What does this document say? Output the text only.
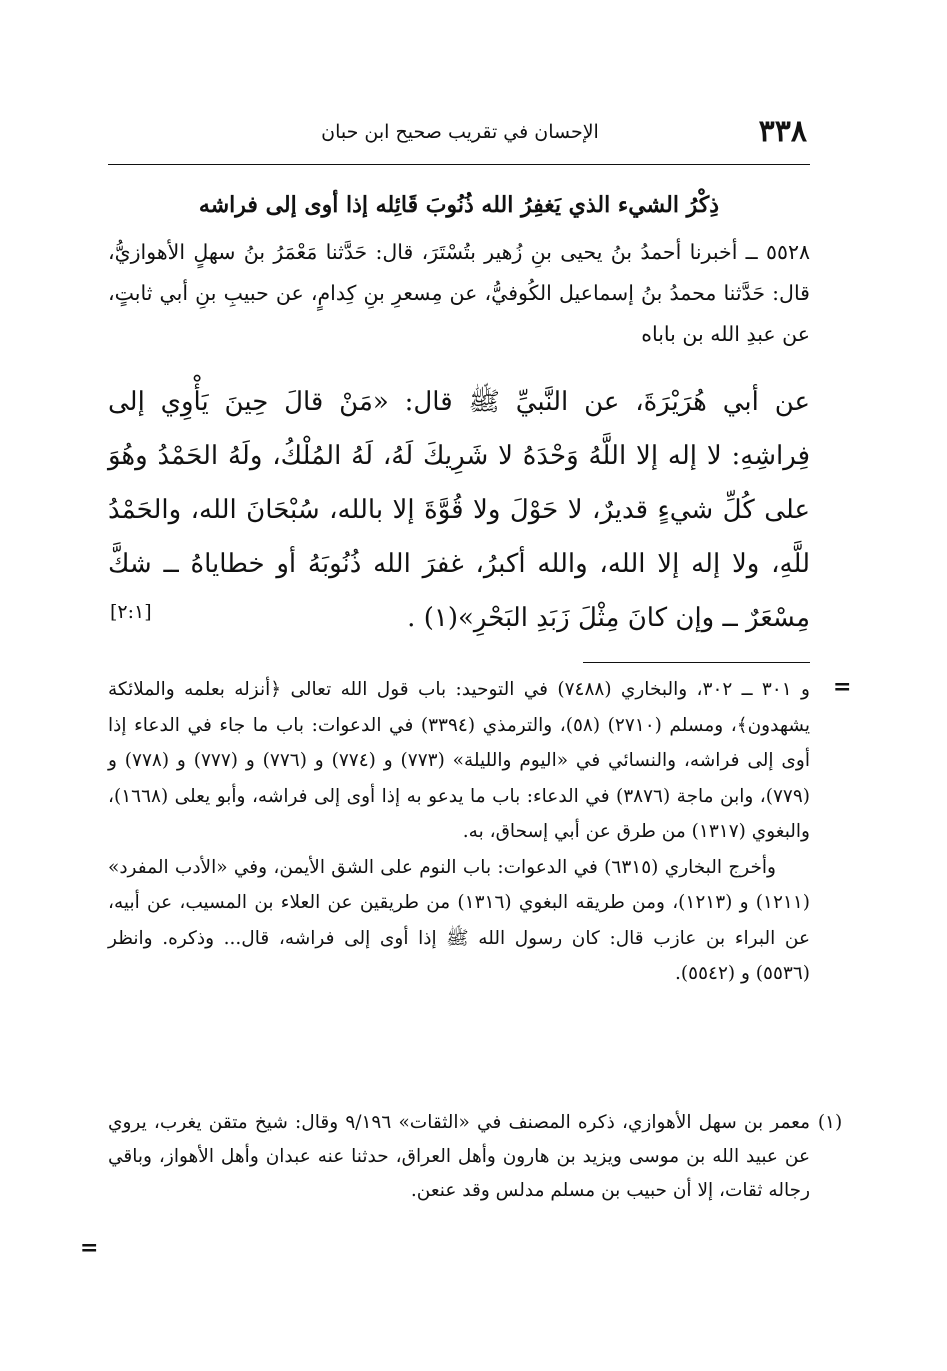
٣٣٨
الإحسان في تقريب صحيح ابن حبان
ذِكْرُ الشيء الذي يَغفِرُ الله ذُنُوبَ قَائِله إذا أوى إلى فراشه

٥٥٢٨ ــ أخبرنا أحمدُ بنُ يحيى بنِ زُهير بتُسْتَرَ، قال: حَدَّثنا مَعْمَرُ بنُ سهلٍ الأهوازيُّ، قال: حَدَّثنا محمدُ بنُ إسماعيل الكُوفيُّ، عن مِسعرِ بنِ كِدامٍ، عن حبيبِ بنِ أبي ثابتٍ، عن عبدِ الله بن باباه

عن أبي هُرَيْرَةَ، عن النَّبيِّ ﷺ قال: «مَنْ قالَ حِينَ يَأْوِي إلى فِراشِهِ: لا إله إلا اللَّهُ وَحْدَهُ لا شَرِيكَ لَهُ، لَهُ المُلْكُ، ولَهُ الحَمْدُ وهُوَ على كُلِّ شيءٍ قديرٌ، لا حَوْلَ ولا قُوَّةَ إلا بالله، سُبْحَانَ الله، والحَمْدُ للَّهِ، ولا إله إلا الله، والله أكبرُ، غفرَ الله ذُنُوبَهُ أو خطاياهُ ــ شكَّ مِسْعَرٌ ــ وإن كانَ مِثْلَ زَبَدِ البَحْرِ»(١) .

[٢:١]
=

و ٣٠١ ــ ٣٠٢، والبخاري (٧٤٨٨) في التوحيد: باب قول الله تعالى ﴿أنزله بعلمه والملائكة يشهدون﴾، ومسلم (٢٧١٠) (٥٨)، والترمذي (٣٣٩٤) في الدعوات: باب ما جاء في الدعاء إذا أوى إلى فراشه، والنسائي في «اليوم والليلة» (٧٧٣) و (٧٧٤) و (٧٧٦) و (٧٧٧) و (٧٧٨) و (٧٧٩)، وابن ماجة (٣٨٧٦) في الدعاء: باب ما يدعو به إذا أوى إلى فراشه، وأبو يعلى (١٦٦٨)، والبغوي (١٣١٧) من طرق عن أبي إسحاق، به.

وأخرج البخاري (٦٣١٥) في الدعوات: باب النوم على الشق الأيمن، وفي «الأدب المفرد» (١٢١١) و (١٢١٣)، ومن طريقه البغوي (١٣١٦) من طريقين عن العلاء بن المسيب، عن أبيه، عن البراء بن عازب قال: كان رسول الله ﷺ إذا أوى إلى فراشه، قال... وذكره. وانظر (٥٥٣٦) و (٥٥٤٢).

(١)

معمر بن سهل الأهوازي، ذكره المصنف في «الثقات» ٩/١٩٦ وقال: شيخ متقن يغرب، يروي عن عبيد الله بن موسى ويزيد بن هارون وأهل العراق، حدثنا عنه عبدان وأهل الأهواز، وباقي رجاله ثقات، إلا أن حبيب بن مسلم مدلس وقد عنعن.

=
